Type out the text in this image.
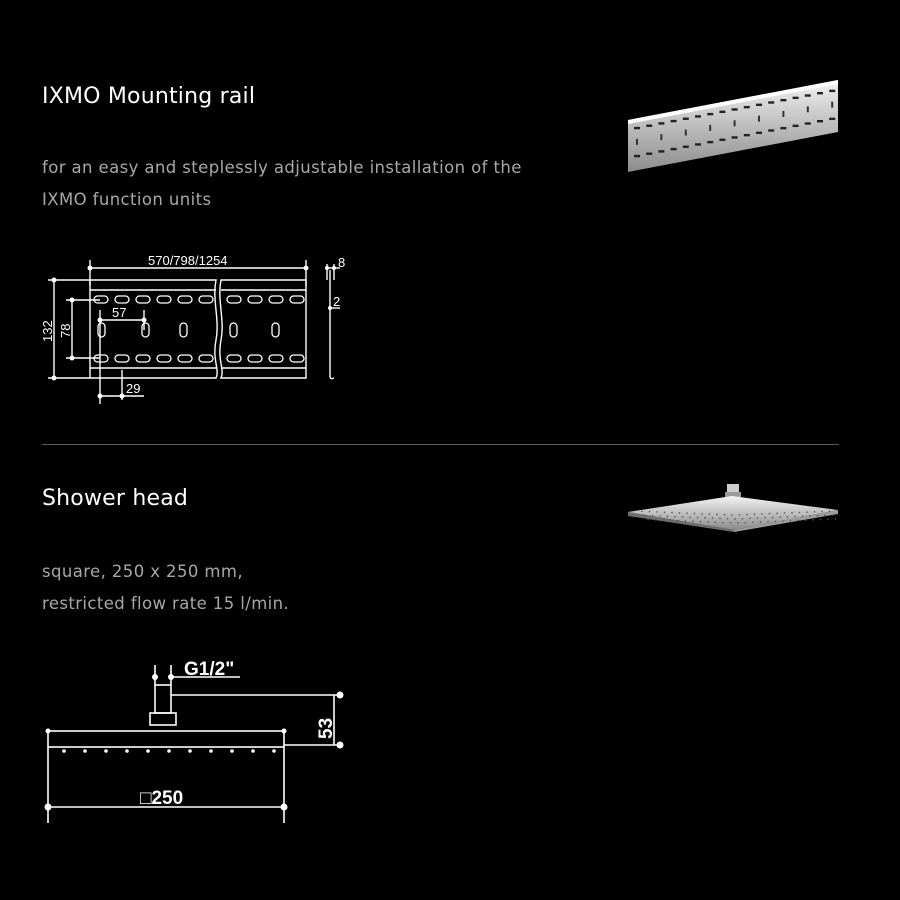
IXMO Mounting rail

for an easy and steplessly adjustable installation of the
IXMO function units

570/798/1254
132 78
57
29
8
2
Shower head

square, 250 x 250 mm,
restricted flow rate 15 l/min.

G1/2"
53
□250
